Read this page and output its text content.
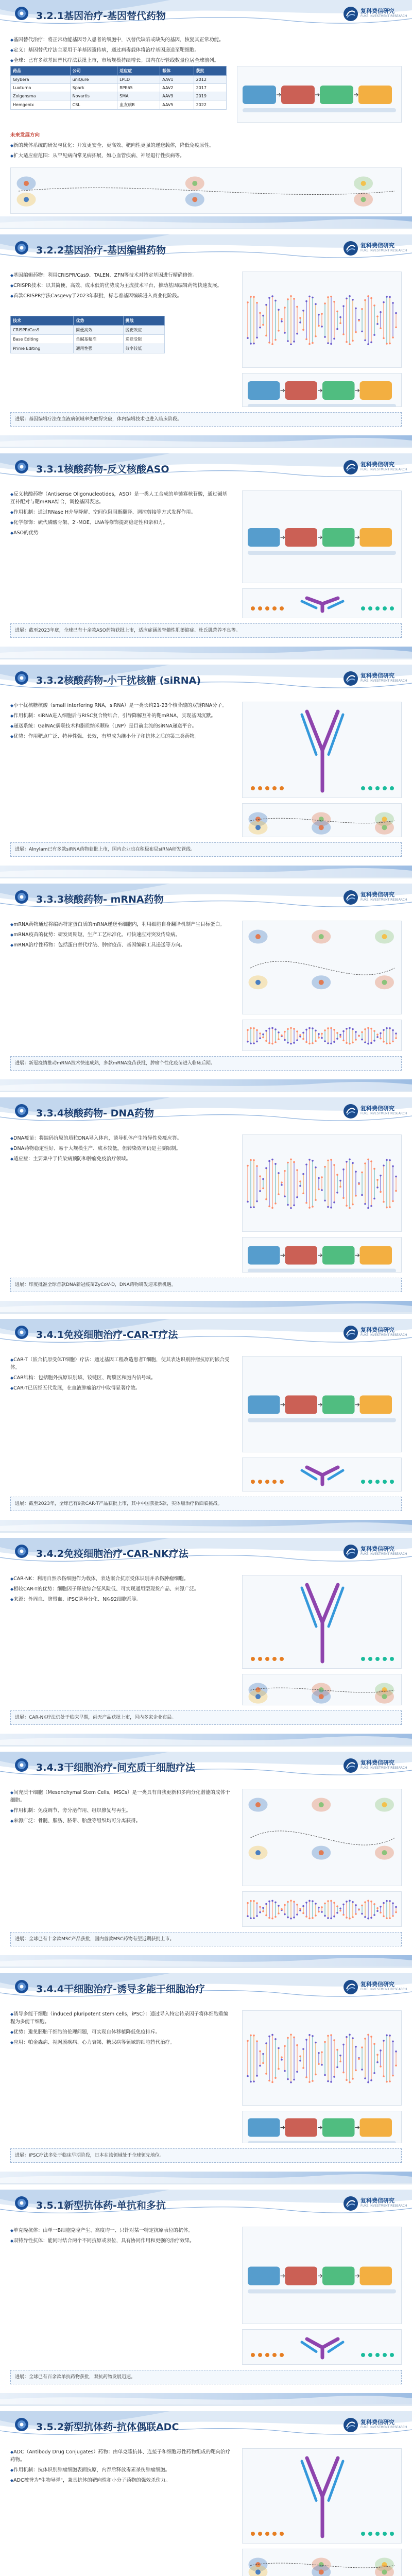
3.2.1基因治疗-基因替代药物	复科费信研究
FUKE INVESTMENT RESEARCH

◆ 基因替代治疗：将正常功能基因导入患者的细胞中，以替代缺陷或缺失的基因，恢复其正常功能。

◆ 定义：基因替代疗法主要用于单基因遗传病，通过病毒载体将治疗基因递送至靶细胞。

◆ 全球：已有多款基因替代疗法获批上市，市场规模持续增长。国内在研管线数量位居全球前列。

药品	公司	适应症	载体	获批
Glybera	uniQure	LPLD	AAV1	2012
Luxturna	Spark	RPE65	AAV2	2017
Zolgensma	Novartis	SMA	AAV9	2019
Hemgenix	CSL	血友病B	AAV5	2022

未来发展方向

◆ 新的载体系统的研发与优化：开发更安全、更高效、靶向性更强的递送载体，降低免疫原性。

◆ 扩大适应症范围：从罕见病向常见病拓展，如心血管疾病、神经退行性疾病等。

3.2.2基因治疗-基因编辑药物	复科费信研究
FUKE INVESTMENT RESEARCH

◆ 基因编辑药物：利用CRISPR/Cas9、TALEN、ZFN等技术对特定基因进行精确修饰。

◆ CRISPR技术：以其简便、高效、成本低的优势成为主流技术平台，推动基因编辑药物快速发展。

◆ 首款CRISPR疗法Casgevy于2023年获批，标志着基因编辑进入商业化阶段。

技术	优势	挑战
CRISPR/Cas9	简便高效	脱靶效应
Base Editing	单碱基精准	递送受限
Prime Editing	通用性强	效率较低
进展：基因编辑疗法在血液病领域率先取得突破，体内编辑技术也进入临床阶段。
3.3.1核酸药物-反义核酸ASO	复科费信研究
FUKE INVESTMENT RESEARCH

◆ 反义核酸药物（Antisense Oligonucleotides，ASO）是一类人工合成的单链寡核苷酸，通过碱基互补配对与靶mRNA结合，调控基因表达。

◆ 作用机制：通过RNase H介导降解、空间位阻阻断翻译、调控剪接等方式发挥作用。

◆ 化学修饰：硫代磷酸骨架、2'-MOE、LNA等修饰提高稳定性和亲和力。

◆ ASO的优势

进展：截至2023年底，全球已有十余款ASO药物获批上市，适应症涵盖脊髓性肌萎缩症、杜氏肌营养不良等。
3.3.2核酸药物-小干扰核糖 (siRNA)	复科费信研究
FUKE INVESTMENT RESEARCH

◆ 小干扰核糖核酸（small interfering RNA，siRNA）是一类长约21-23个核苷酸的双链RNA分子。

◆ 作用机制：siRNA进入细胞后与RISC复合物结合，引导降解互补的靶mRNA，实现基因沉默。

◆ 递送系统：GalNAc偶联技术和脂质纳米颗粒（LNP）是目前主流的siRNA递送平台。

◆ 优势：作用靶点广泛、特异性强、长效，有望成为继小分子和抗体之后的第三类药物。

进展：Alnylam已有多款siRNA药物获批上市，国内企业也在积极布局siRNA研发管线。
3.3.3核酸药物- mRNA药物	复科费信研究
FUKE INVESTMENT RESEARCH

◆ mRNA药物通过将编码特定蛋白质的mRNA递送至细胞内，利用细胞自身翻译机制产生目标蛋白。

◆ mRNA疫苗的优势：研发周期短、生产工艺标准化、可快速应对突发传染病。

◆ mRNA治疗性药物：包括蛋白替代疗法、肿瘤疫苗、基因编辑工具递送等方向。

进展：新冠疫情推动mRNA技术快速成熟，多款mRNA疫苗获批，肿瘤个性化疫苗进入临床后期。
3.3.4核酸药物- DNA药物	复科费信研究
FUKE INVESTMENT RESEARCH

◆ DNA疫苗：将编码抗原的质粒DNA导入体内，诱导机体产生特异性免疫应答。

◆ DNA药物稳定性好、易于大规模生产、成本较低，但转染效率仍是主要限制。

◆ 适应症：主要集中于传染病预防和肿瘤免疫治疗领域。

进展：印度批准全球首款DNA新冠疫苗ZyCoV-D，DNA药物研发迎来新机遇。
3.4.1免疫细胞治疗-CAR-T疗法	复科费信研究
FUKE INVESTMENT RESEARCH

◆ CAR-T（嵌合抗原受体T细胞）疗法：通过基因工程改造患者T细胞，使其表达识别肿瘤抗原的嵌合受体。

◆ CAR结构：包括胞外抗原识别域、铰链区、跨膜区和胞内信号域。

◆ CAR-T已历经五代发展，在血液肿瘤治疗中取得显著疗效。

进展：截至2023年，全球已有9款CAR-T产品获批上市，其中中国获批5款，实体瘤治疗仍面临挑战。
3.4.2免疫细胞治疗-CAR-NK疗法	复科费信研究
FUKE INVESTMENT RESEARCH

◆ CAR-NK：利用自然杀伤细胞作为载体，表达嵌合抗原受体识别并杀伤肿瘤细胞。

◆ 相较CAR-T的优势：细胞因子释放综合征风险低、可实现通用型现货产品、来源广泛。

◆ 来源：外周血、脐带血、iPSC诱导分化、NK-92细胞系等。

进展：CAR-NK疗法仍处于临床早期，尚无产品获批上市，国内多家企业布局。
3.4.3干细胞治疗-间充质干细胞疗法	复科费信研究
FUKE INVESTMENT RESEARCH

◆ 间充质干细胞（Mesenchymal Stem Cells，MSCs）是一类具有自我更新和多向分化潜能的成体干细胞。

◆ 作用机制：免疫调节、旁分泌作用、组织修复与再生。

◆ 来源广泛：骨髓、脂肪、脐带、胎盘等组织均可分离获得。

进展：全球已有十余款MSC产品获批，国内首款MSC药物有望近期获批上市。
3.4.4干细胞治疗-诱导多能干细胞治疗	复科费信研究
FUKE INVESTMENT RESEARCH

◆ 诱导多能干细胞（induced pluripotent stem cells，iPSC）：通过导入特定转录因子将体细胞重编程为多能干细胞。

◆ 优势：避免胚胎干细胞的伦理问题，可实现自体移植降低免疫排斥。

◆ 应用：帕金森病、视网膜疾病、心力衰竭、糖尿病等领域的细胞替代治疗。

进展：iPSC疗法多处于临床早期阶段，日本在该领域处于全球领先地位。
3.5.1新型抗体药-单抗和多抗	复科费信研究
FUKE INVESTMENT RESEARCH

◆ 单克隆抗体：由单一B细胞克隆产生、高度均一、只针对某一特定抗原表位的抗体。

◆ 双特异性抗体：能同时结合两个不同抗原或表位，具有协同作用和更强的治疗效果。

进展：全球已有百余款单抗药物获批，双抗药物发展迅速。
3.5.2新型抗体药-抗体偶联ADC	复科费信研究
FUKE INVESTMENT RESEARCH

◆ ADC（Antibody Drug Conjugates）药物：由单克隆抗体、连接子和细胞毒性药物组成的靶向治疗药物。

◆ 作用机制：抗体识别肿瘤细胞表面抗原，内吞后释放毒素杀伤肿瘤细胞。

◆ ADC被誉为"生物导弹"，兼具抗体的靶向性和小分子药物的强效杀伤力。
